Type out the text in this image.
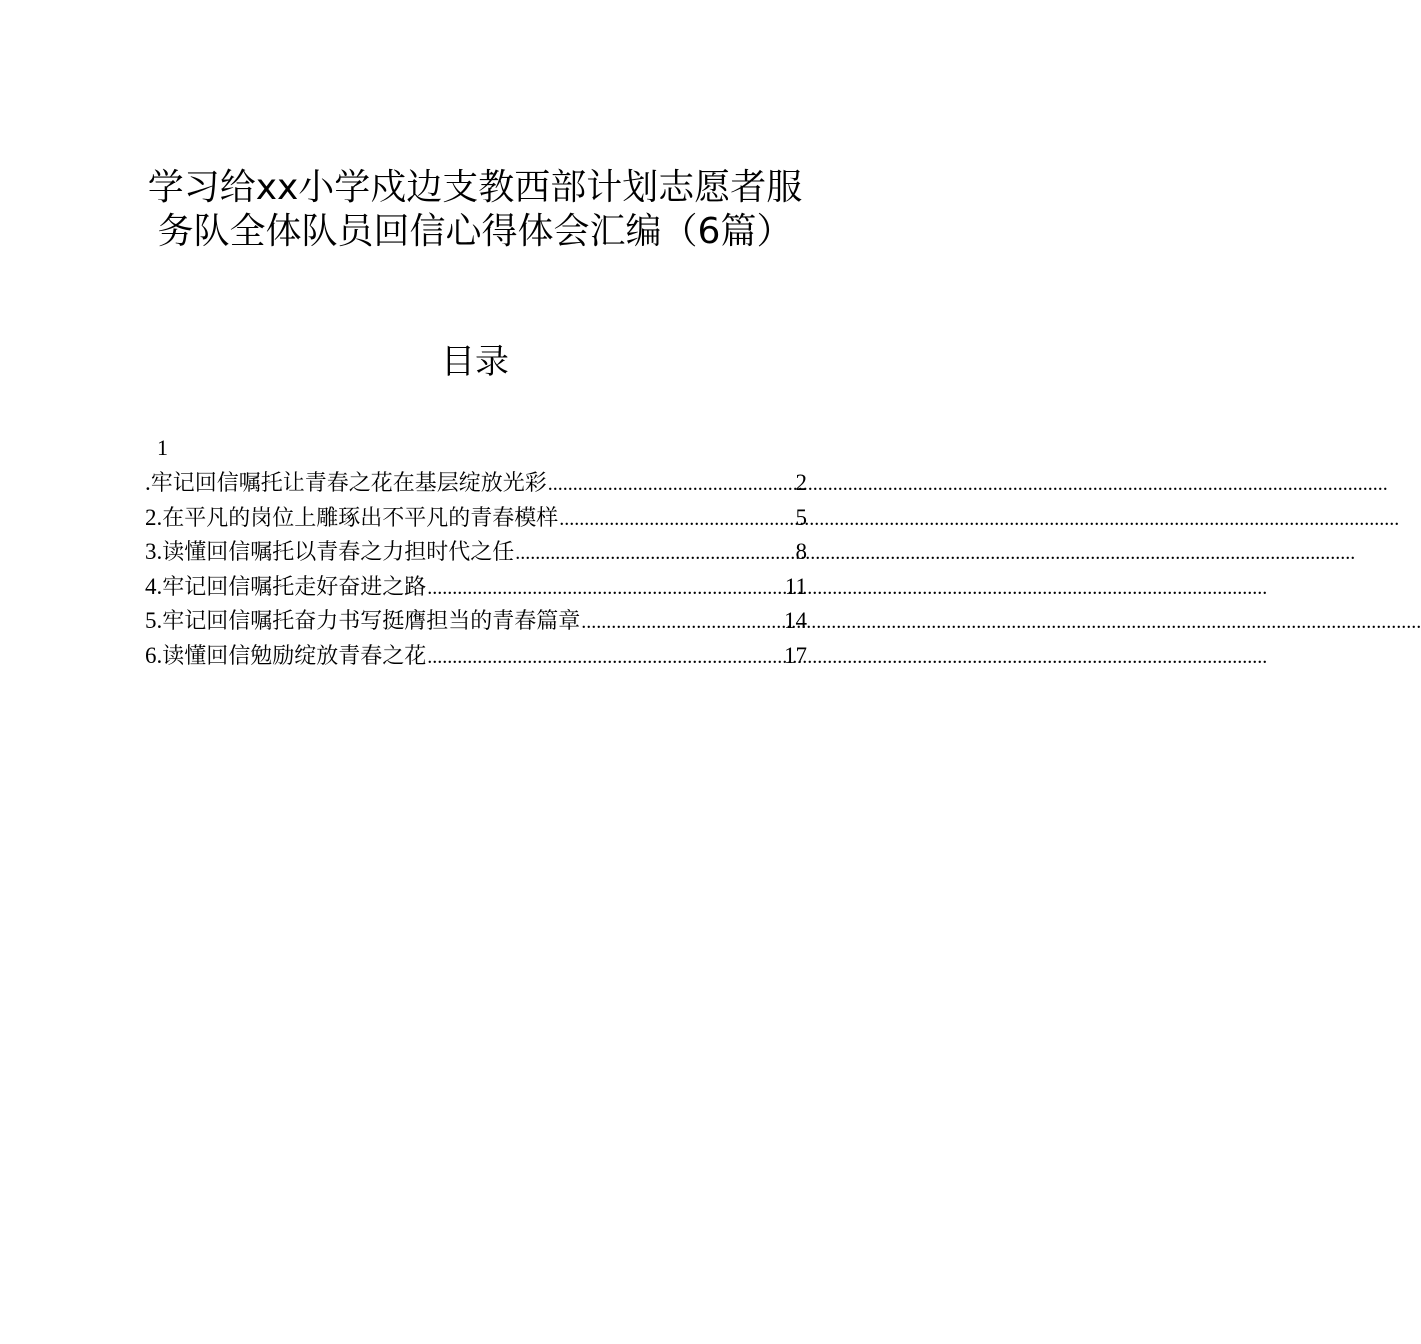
学习给xx小学戍边支教西部计划志愿者服
务队全体队员回信心得体会汇编（6篇）
目录
1
. 牢记回信嘱托让青春之花在基层绽放光彩 .....	2
2. 在平凡的岗位上雕琢出不平凡的青春模样 .....	5
3. 读懂回信嘱托以青春之力担时代之任 .....	8
4. 牢记回信嘱托走好奋进之路 .....	11
5. 牢记回信嘱托奋力书写挺膺担当的青春篇章 .....	14
6. 读懂回信勉励绽放青春之花 .....	17
